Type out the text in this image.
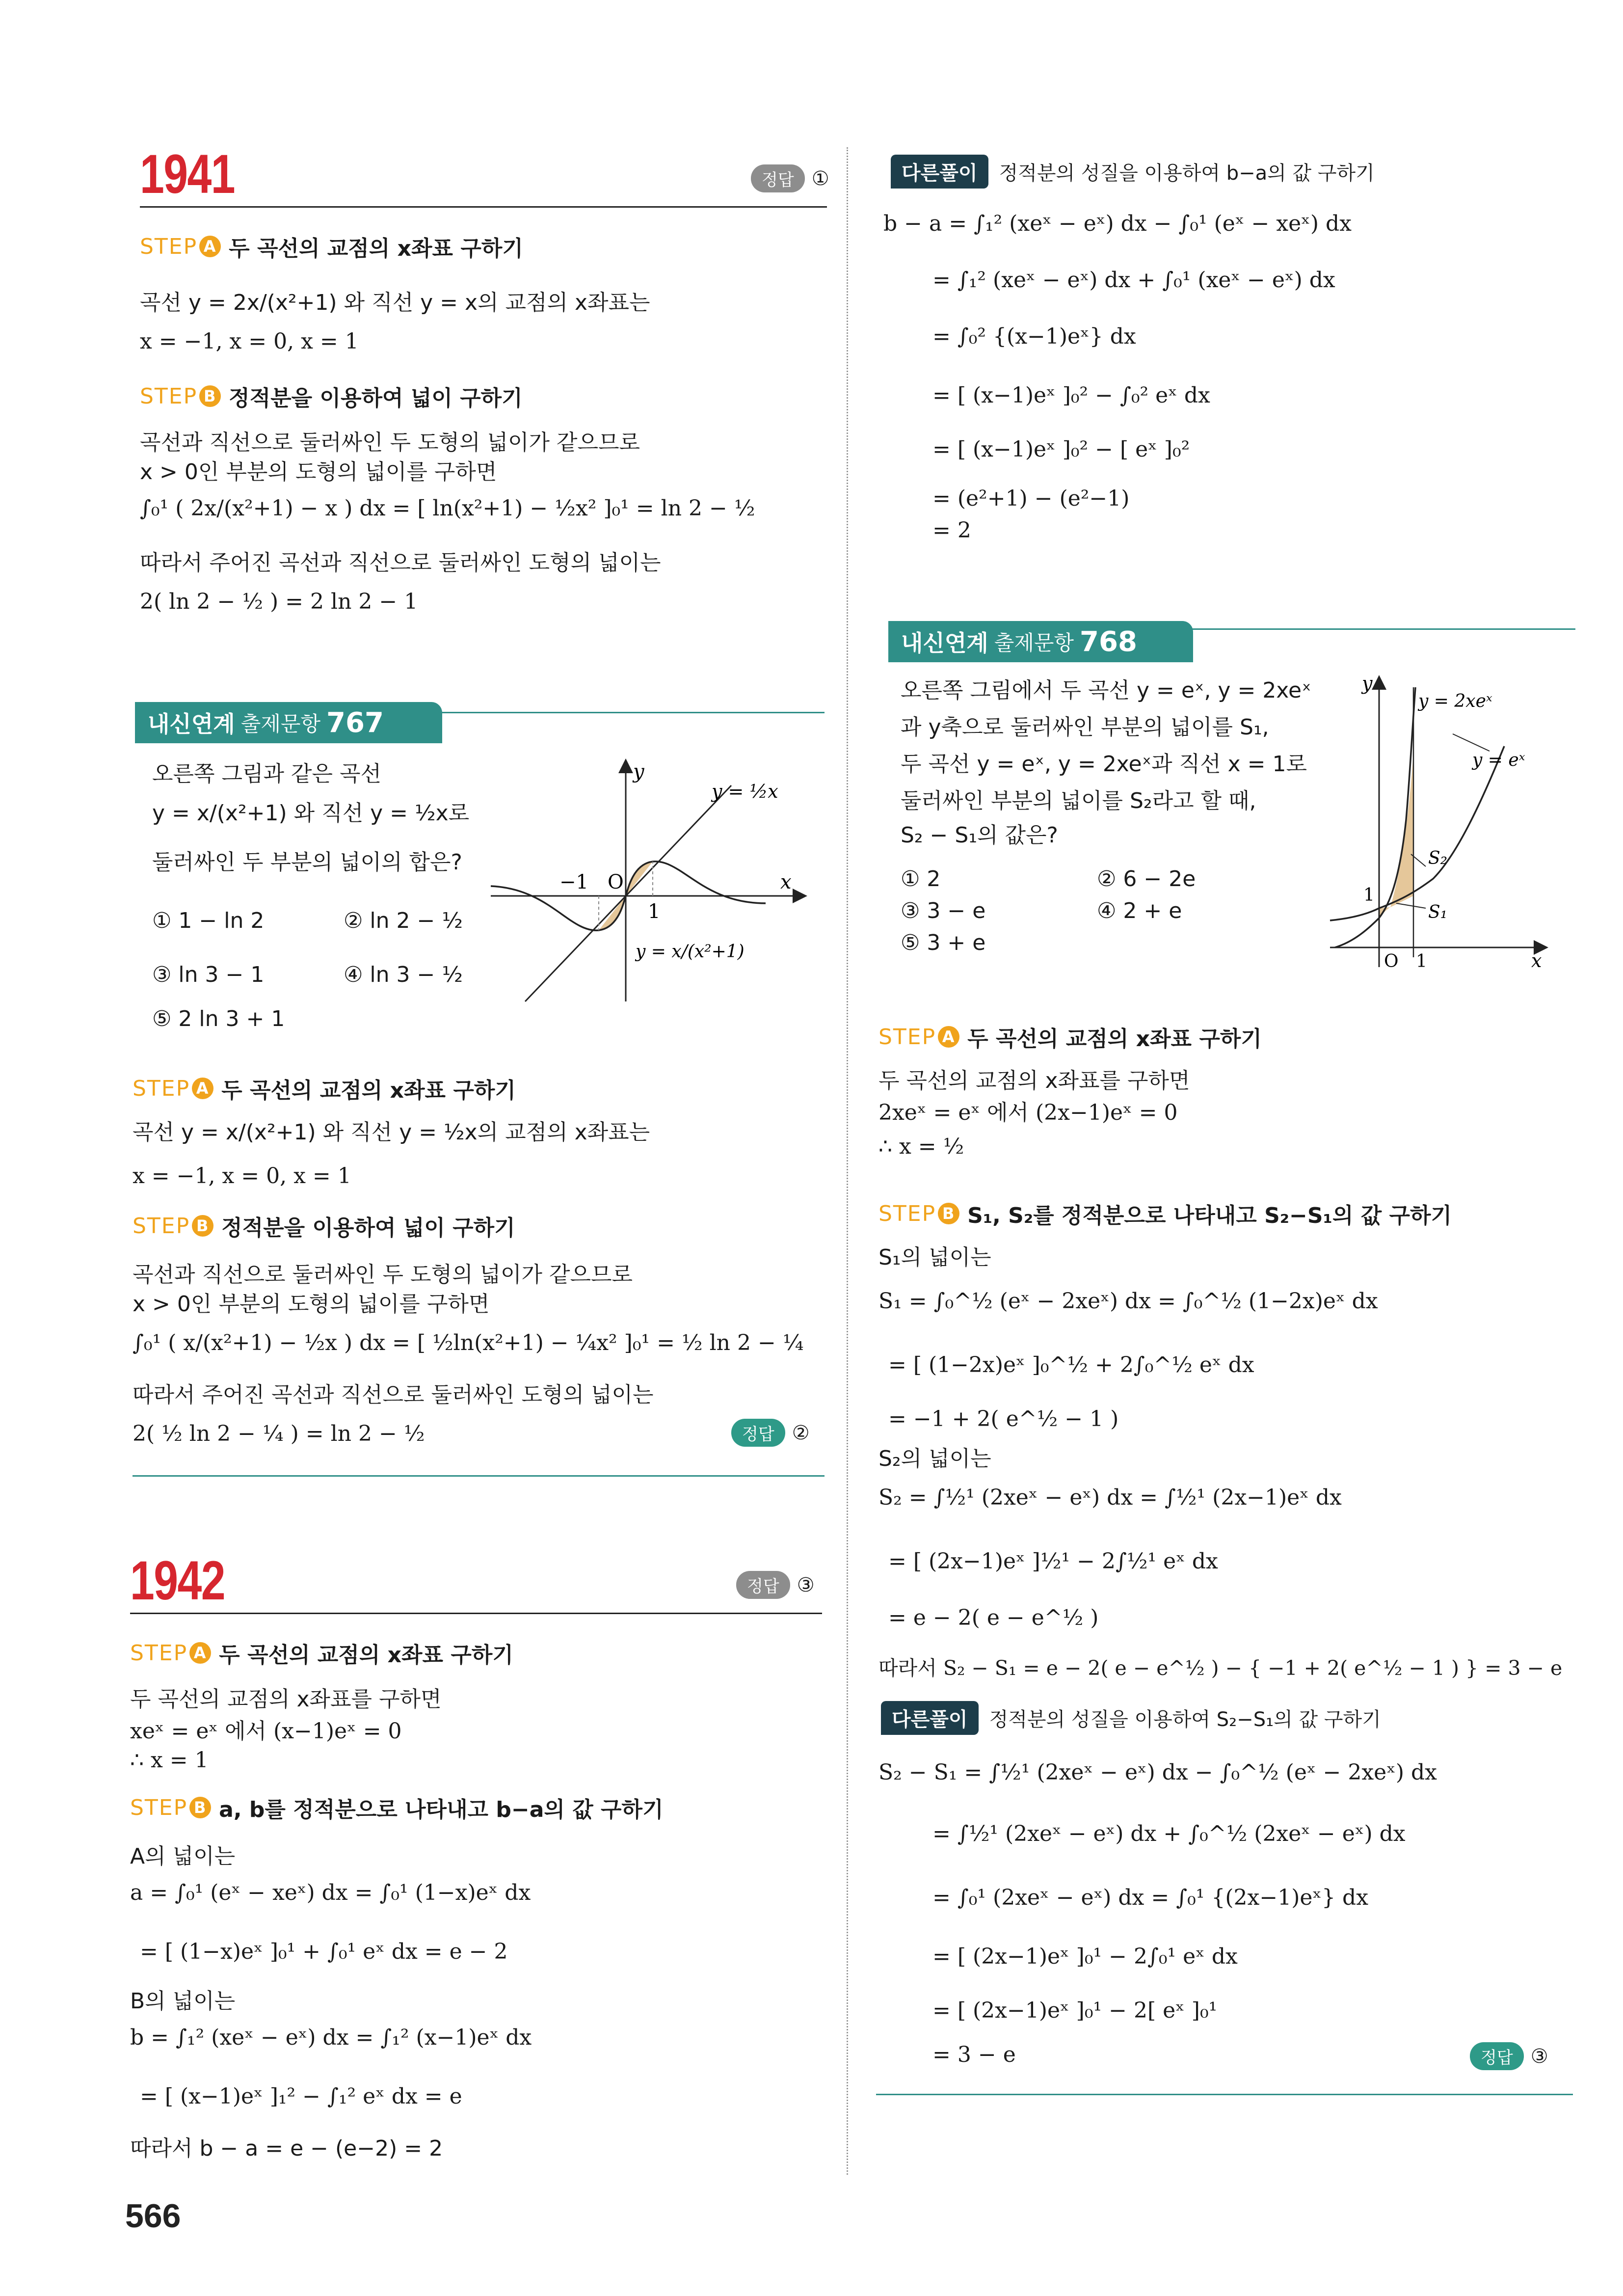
1941	정답 ①
STEP A 두 곡선의 교점의 x좌표 구하기
곡선 y = 2x/(x²+1) 와 직선 y = x의 교점의 x좌표는
x = −1, x = 0, x = 1
STEP B 정적분을 이용하여 넓이 구하기
곡선과 직선으로 둘러싸인 두 도형의 넓이가 같으므로
x > 0인 부분의 도형의 넓이를 구하면
∫₀¹ ( 2x/(x²+1) − x ) dx = [ ln(x²+1) − ½x² ]₀¹ = ln 2 − ½
따라서 주어진 곡선과 직선으로 둘러싸인 도형의 넓이는
2( ln 2 − ½ ) = 2 ln 2 − 1
내신연계 출제문항 767
오른쪽 그림과 같은 곡선
y = x/(x²+1) 와 직선 y = ½x로
둘러싸인 두 부분의 넓이의 합은?
① 1 − ln 2	② ln 2 − ½
③ ln 3 − 1	④ ln 3 − ½
⑤ 2 ln 3 + 1
y
x
O
−1
1
y = ½x
y = x/(x²+1)
STEP A 두 곡선의 교점의 x좌표 구하기
곡선 y = x/(x²+1) 와 직선 y = ½x의 교점의 x좌표는
x = −1, x = 0, x = 1
STEP B 정적분을 이용하여 넓이 구하기
곡선과 직선으로 둘러싸인 두 도형의 넓이가 같으므로
x > 0인 부분의 도형의 넓이를 구하면
∫₀¹ ( x/(x²+1) − ½x ) dx = [ ½ln(x²+1) − ¼x² ]₀¹ = ½ ln 2 − ¼
따라서 주어진 곡선과 직선으로 둘러싸인 도형의 넓이는
2( ½ ln 2 − ¼ ) = ln 2 − ½	정답 ②
1942	정답 ③
STEP A 두 곡선의 교점의 x좌표 구하기
두 곡선의 교점의 x좌표를 구하면
xeˣ = eˣ 에서 (x−1)eˣ = 0
∴ x = 1
STEP B a, b를 정적분으로 나타내고 b−a의 값 구하기
A의 넓이는
a = ∫₀¹ (eˣ − xeˣ) dx = ∫₀¹ (1−x)eˣ dx
= [ (1−x)eˣ ]₀¹ + ∫₀¹ eˣ dx = e − 2
B의 넓이는
b = ∫₁² (xeˣ − eˣ) dx = ∫₁² (x−1)eˣ dx
= [ (x−1)eˣ ]₁² − ∫₁² eˣ dx = e
따라서 b − a = e − (e−2) = 2
566
다른풀이	정적분의 성질을 이용하여 b−a의 값 구하기
b − a = ∫₁² (xeˣ − eˣ) dx − ∫₀¹ (eˣ − xeˣ) dx
= ∫₁² (xeˣ − eˣ) dx + ∫₀¹ (xeˣ − eˣ) dx
= ∫₀² {(x−1)eˣ} dx
= [ (x−1)eˣ ]₀² − ∫₀² eˣ dx
= [ (x−1)eˣ ]₀² − [ eˣ ]₀²
= (e²+1) − (e²−1)
= 2
내신연계 출제문항 768
오른쪽 그림에서 두 곡선 y = eˣ, y = 2xeˣ
과 y축으로 둘러싸인 부분의 넓이를 S₁,
두 곡선 y = eˣ, y = 2xeˣ과 직선 x = 1로
둘러싸인 부분의 넓이를 S₂라고 할 때,
S₂ − S₁의 값은?
① 2	② 6 − 2e
③ 3 − e	④ 2 + e
⑤ 3 + e
y
x
O 1
1
y = 2xeˣ
y = eˣ
S₂
S₁
STEP A 두 곡선의 교점의 x좌표 구하기
두 곡선의 교점의 x좌표를 구하면
2xeˣ = eˣ 에서 (2x−1)eˣ = 0
∴ x = ½
STEP B S₁, S₂를 정적분으로 나타내고 S₂−S₁의 값 구하기
S₁의 넓이는
S₁ = ∫₀^½ (eˣ − 2xeˣ) dx = ∫₀^½ (1−2x)eˣ dx
= [ (1−2x)eˣ ]₀^½ + 2∫₀^½ eˣ dx
= −1 + 2( e^½ − 1 )
S₂의 넓이는
S₂ = ∫½¹ (2xeˣ − eˣ) dx = ∫½¹ (2x−1)eˣ dx
= [ (2x−1)eˣ ]½¹ − 2∫½¹ eˣ dx
= e − 2( e − e^½ )
따라서 S₂ − S₁ = e − 2( e − e^½ ) − { −1 + 2( e^½ − 1 ) } = 3 − e
다른풀이	정적분의 성질을 이용하여 S₂−S₁의 값 구하기
S₂ − S₁ = ∫½¹ (2xeˣ − eˣ) dx − ∫₀^½ (eˣ − 2xeˣ) dx
= ∫½¹ (2xeˣ − eˣ) dx + ∫₀^½ (2xeˣ − eˣ) dx
= ∫₀¹ (2xeˣ − eˣ) dx = ∫₀¹ {(2x−1)eˣ} dx
= [ (2x−1)eˣ ]₀¹ − 2∫₀¹ eˣ dx
= [ (2x−1)eˣ ]₀¹ − 2[ eˣ ]₀¹
= 3 − e	정답 ③
